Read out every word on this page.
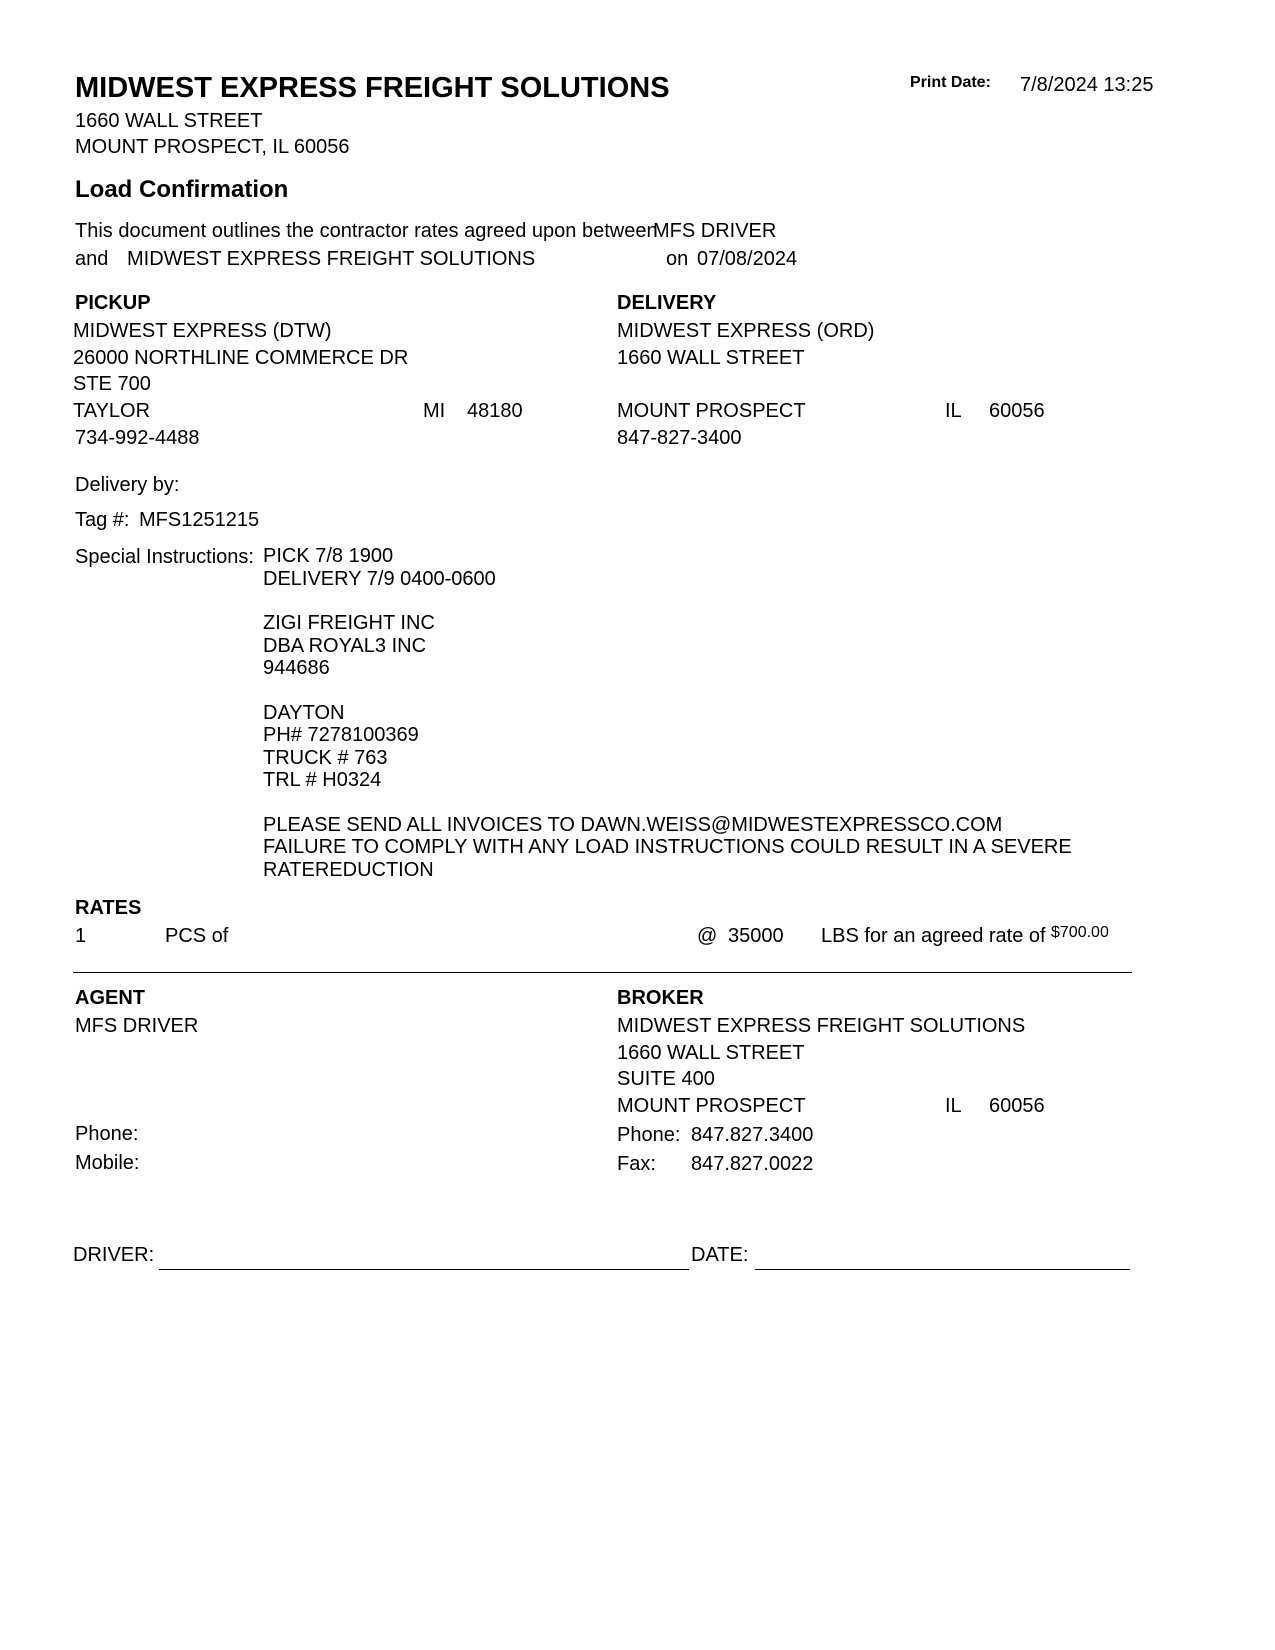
MIDWEST EXPRESS FREIGHT SOLUTIONS
1660 WALL STREET
MOUNT PROSPECT, IL 60056
Print Date: 7/8/2024 13:25
Load Confirmation
This document outlines the contractor rates agreed upon between
MFS DRIVER
and MIDWEST EXPRESS FREIGHT SOLUTIONS	on 07/08/2024
PICKUP
MIDWEST EXPRESS (DTW)
26000 NORTHLINE COMMERCE DR
STE 700
TAYLOR	MI 48180
734-992-4488
DELIVERY
MIDWEST EXPRESS (ORD)
1660 WALL STREET
MOUNT PROSPECT	IL 60056
847-827-3400
Delivery by:
Tag #: MFS1251215
Special Instructions: PICK 7/8 1900
DELIVERY 7/9 0400-0600
ZIGI FREIGHT INC
DBA ROYAL3 INC
944686
DAYTON
PH# 7278100369
TRUCK # 763
TRL # H0324
PLEASE SEND ALL INVOICES TO DAWN.WEISS@MIDWESTEXPRESSCO.COM
FAILURE TO COMPLY WITH ANY LOAD INSTRUCTIONS COULD RESULT IN A SEVERE
RATEREDUCTION
RATES
1	PCS of	@ 35000 LBS for an agreed rate of $700.00
AGENT
MFS DRIVER
Phone:
Mobile:
BROKER
MIDWEST EXPRESS FREIGHT SOLUTIONS
1660 WALL STREET
SUITE 400
MOUNT PROSPECT	IL 60056
Phone: 847.827.3400
Fax: 847.827.0022
DRIVER:	DATE:
